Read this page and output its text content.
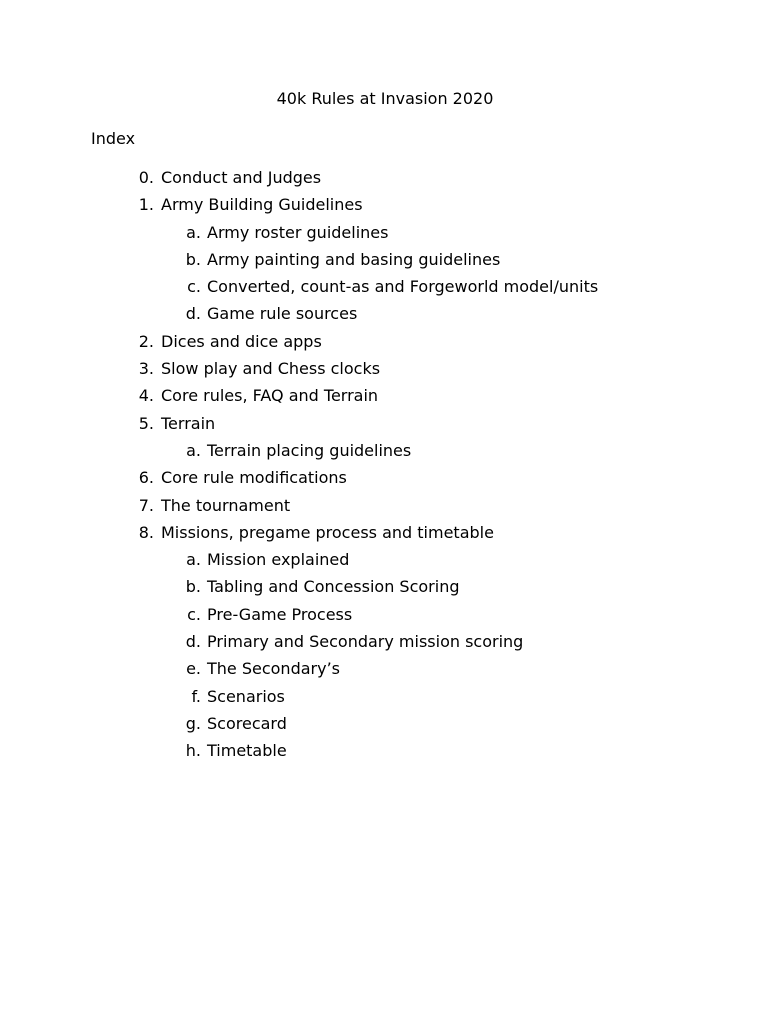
40k Rules at Invasion 2020
Index
0. Conduct and Judges
1. Army Building Guidelines
a. Army roster guidelines
b. Army painting and basing guidelines
c. Converted, count-as and Forgeworld model/units
d. Game rule sources
2. Dices and dice apps
3. Slow play and Chess clocks
4. Core rules, FAQ and Terrain
5. Terrain
a. Terrain placing guidelines
6. Core rule modifications
7. The tournament
8. Missions, pregame process and timetable
a. Mission explained
b. Tabling and Concession Scoring
c. Pre-Game Process
d. Primary and Secondary mission scoring
e. The Secondary’s
f. Scenarios
g. Scorecard
h. Timetable
